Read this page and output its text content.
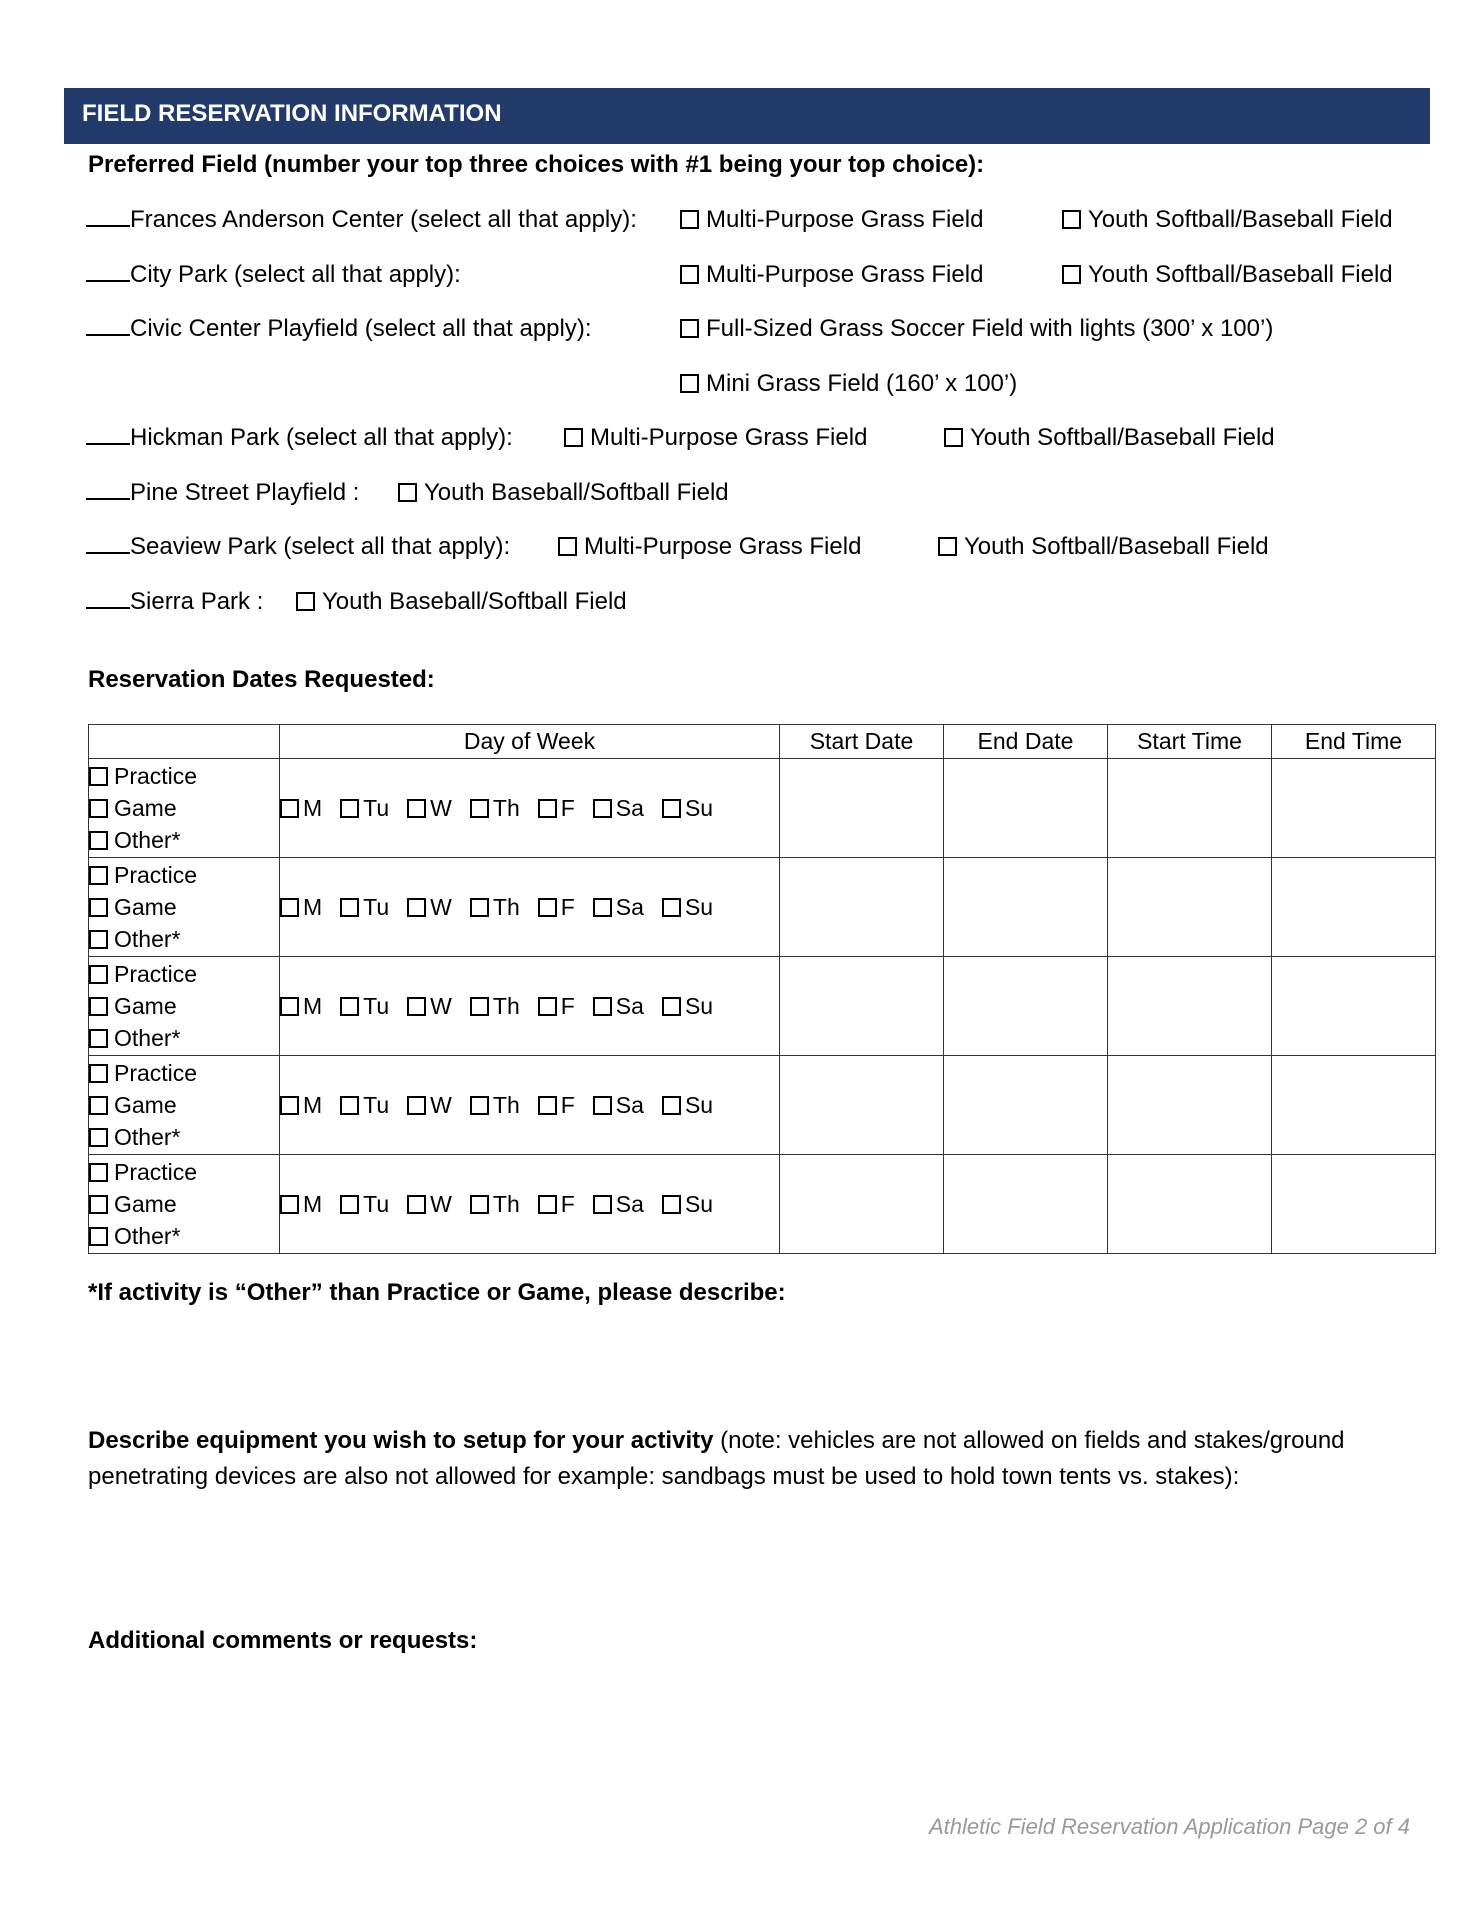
FIELD RESERVATION INFORMATION
Preferred Field (number your top three choices with #1 being your top choice):
Frances Anderson Center (select all that apply):	Multi-Purpose Grass Field	Youth Softball/Baseball Field
City Park (select all that apply):	Multi-Purpose Grass Field	Youth Softball/Baseball Field
Civic Center Playfield (select all that apply):	Full-Sized Grass Soccer Field with lights (300’ x 100’)
Mini Grass Field (160’ x 100’)
Hickman Park (select all that apply):	Multi-Purpose Grass Field	Youth Softball/Baseball Field
Pine Street Playfield :	Youth Baseball/Softball Field
Seaview Park (select all that apply):	Multi-Purpose Grass Field	Youth Softball/Baseball Field
Sierra Park :	Youth Baseball/Softball Field
Reservation Dates Requested:
	Day of Week	Start Date	End Date	Start Time	End Time

Practice
Game
Other*	M Tu W Th F Sa Su				

Practice
Game
Other*	M Tu W Th F Sa Su				

Practice
Game
Other*	M Tu W Th F Sa Su				

Practice
Game
Other*	M Tu W Th F Sa Su				

Practice
Game
Other*	M Tu W Th F Sa Su				
*If activity is “Other” than Practice or Game, please describe:
Describe equipment you wish to setup for your activity (note: vehicles are not allowed on fields and stakes/ground
penetrating devices are also not allowed for example: sandbags must be used to hold town tents vs. stakes):
Additional comments or requests:
Athletic Field Reservation Application Page 2 of 4
